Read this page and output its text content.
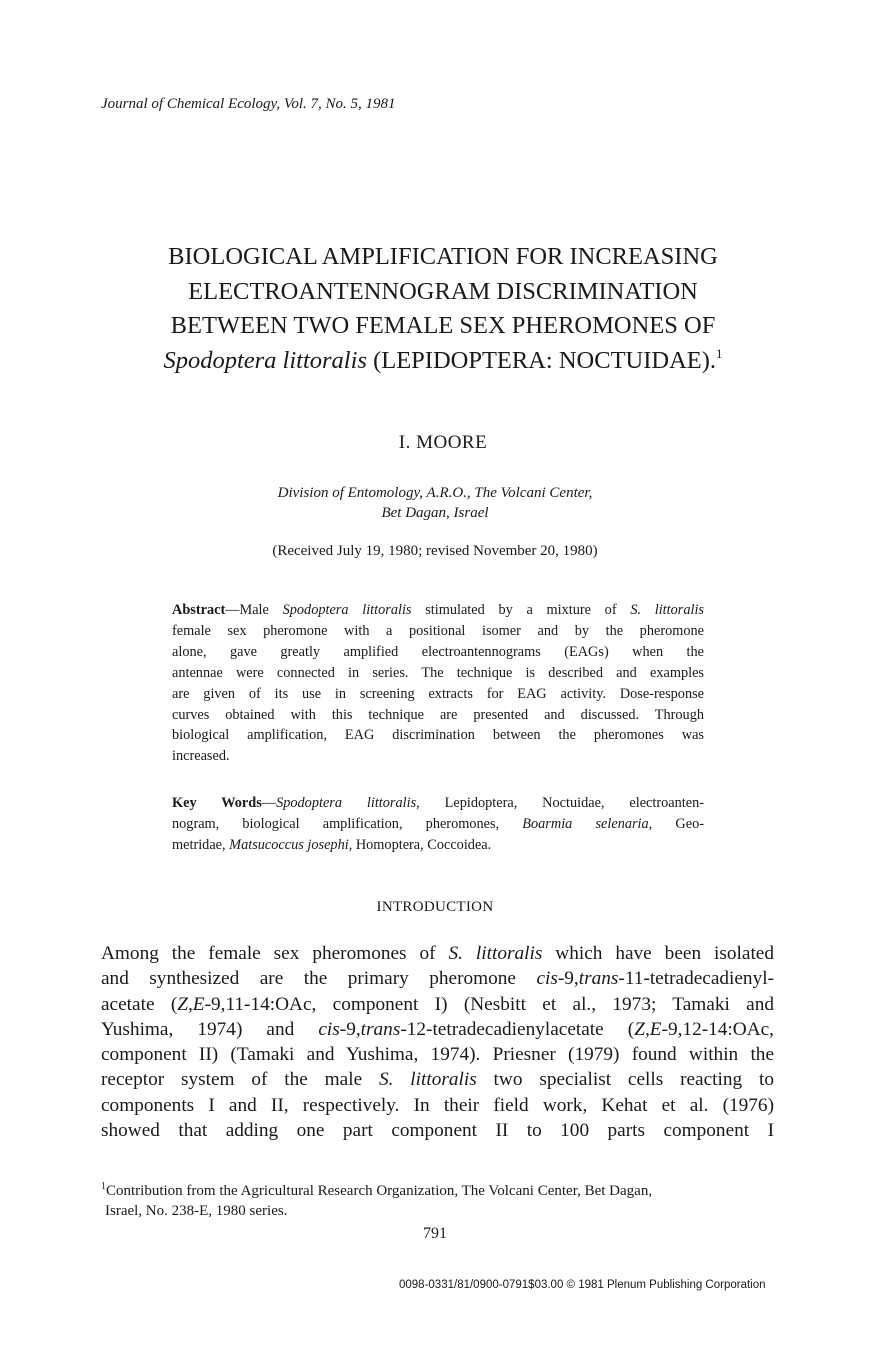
Journal of Chemical Ecology, Vol. 7, No. 5, 1981
BIOLOGICAL AMPLIFICATION FOR INCREASING
ELECTROANTENNOGRAM DISCRIMINATION
BETWEEN TWO FEMALE SEX PHEROMONES OF
Spodoptera littoralis (LEPIDOPTERA: NOCTUIDAE).$^1$
I. MOORE
Division of Entomology, A.R.O., The Volcani Center,
Bet Dagan, Israel
(Received July 19, 1980; revised November 20, 1980)
Abstract—Male Spodoptera littoralis stimulated by a mixture of S. littoralis
female sex pheromone with a positional isomer and by the pheromone
alone, gave greatly amplified electroantennograms (EAGs) when the
antennae were connected in series. The technique is described and examples
are given of its use in screening extracts for EAG activity. Dose-response
curves obtained with this technique are presented and discussed. Through
biological amplification, EAG discrimination between the pheromones was
increased.
Key Words—Spodoptera littoralis, Lepidoptera, Noctuidae, electroanten-
nogram, biological amplification, pheromones, Boarmia selenaria, Geo-
metridae, Matsucoccus josephi, Homoptera, Coccoidea.
INTRODUCTION
Among the female sex pheromones of S. littoralis which have been isolated
and synthesized are the primary pheromone cis-9,trans-11-tetradecadienyl-
acetate (Z,E-9,11-14:OAc, component I) (Nesbitt et al., 1973; Tamaki and
Yushima, 1974) and cis-9,trans-12-tetradecadienylacetate (Z,E-9,12-14:OAc,
component II) (Tamaki and Yushima, 1974). Priesner (1979) found within the
receptor system of the male S. littoralis two specialist cells reacting to
components I and II, respectively. In their field work, Kehat et al. (1976)
showed that adding one part component II to 100 parts component I
$^1$Contribution from the Agricultural Research Organization, The Volcani Center, Bet Dagan,
Israel, No. 238-E, 1980 series.
791
0098-0331/81/0900-0791$03.00 © 1981 Plenum Publishing Corporation
